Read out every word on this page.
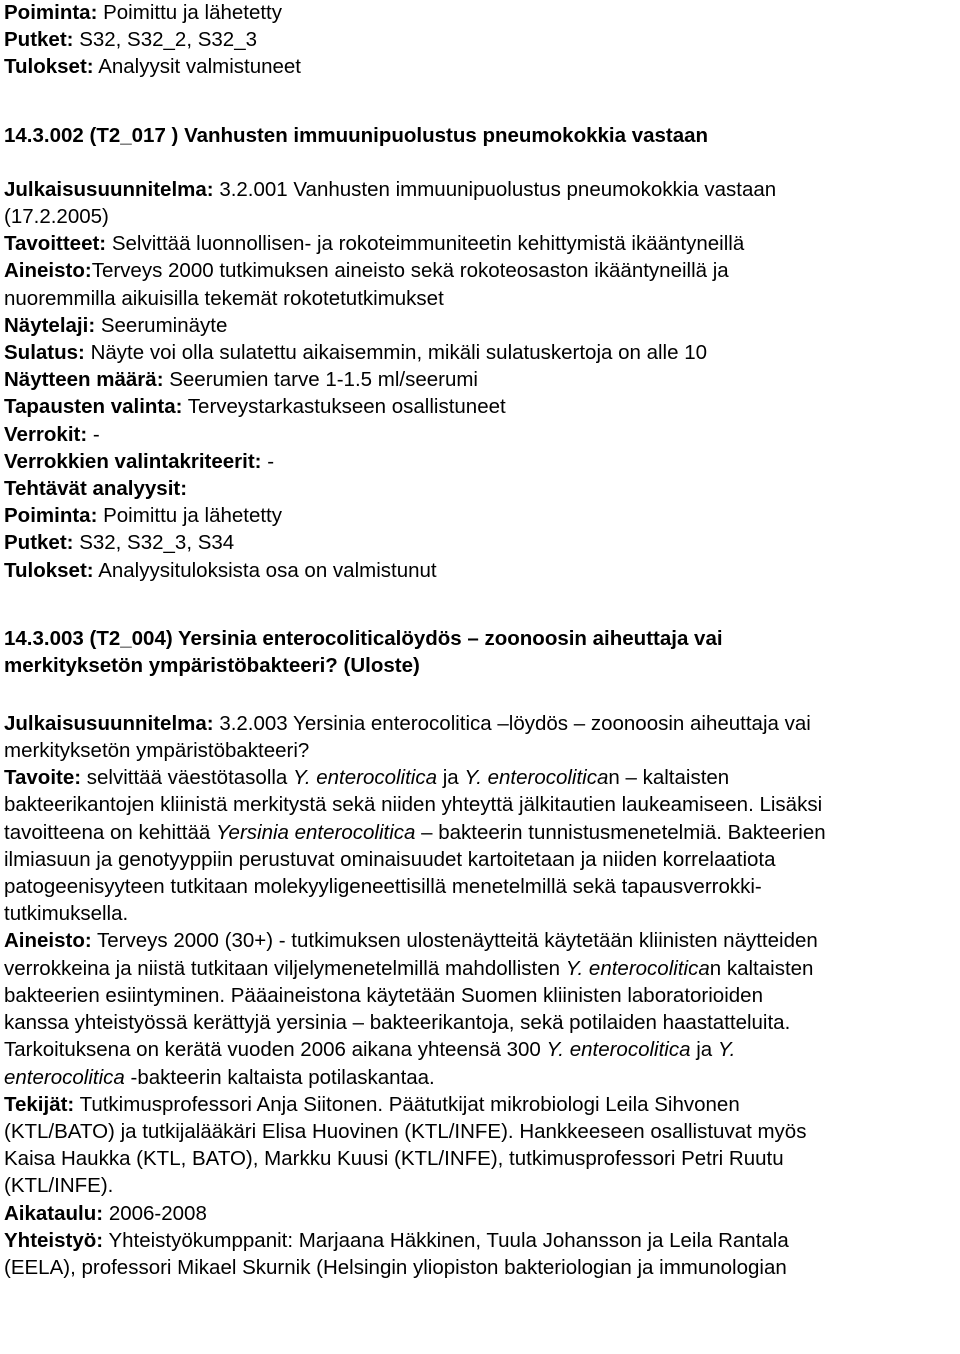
Poiminta: Poimittu ja lähetetty

Putket: S32, S32_2, S32_3

Tulokset: Analyysit valmistuneet

14.3.002 (T2_017 ) Vanhusten immuunipuolustus pneumokokkia vastaan

Julkaisusuunnitelma: 3.2.001 Vanhusten immuunipuolustus pneumokokkia vastaan

(17.2.2005)

Tavoitteet: Selvittää luonnollisen- ja rokoteimmuniteetin kehittymistä ikääntyneillä

Aineisto:Terveys 2000 tutkimuksen aineisto sekä rokoteosaston ikääntyneillä ja

nuoremmilla aikuisilla tekemät rokotetutkimukset

Näytelaji: Seeruminäyte

Sulatus: Näyte voi olla sulatettu aikaisemmin, mikäli sulatuskertoja on alle 10

Näytteen määrä: Seerumien tarve 1-1.5 ml/seerumi

Tapausten valinta: Terveystarkastukseen osallistuneet

Verrokit: -

Verrokkien valintakriteerit: -

Tehtävät analyysit:

Poiminta: Poimittu ja lähetetty

Putket: S32, S32_3, S34

Tulokset: Analyysituloksista osa on valmistunut

14.3.003 (T2_004) Yersinia enterocoliticalöydös – zoonoosin aiheuttaja vai

merkityksetön ympäristöbakteeri? (Uloste)

Julkaisusuunnitelma: 3.2.003 Yersinia enterocolitica –löydös – zoonoosin aiheuttaja vai

merkityksetön ympäristöbakteeri?

Tavoite: selvittää väestötasolla Y. enterocolitica ja Y. enterocolitican – kaltaisten

bakteerikantojen kliinistä merkitystä sekä niiden yhteyttä jälkitautien laukeamiseen. Lisäksi

tavoitteena on kehittää Yersinia enterocolitica – bakteerin tunnistusmenetelmiä. Bakteerien

ilmiasuun ja genotyyppiin perustuvat ominaisuudet kartoitetaan ja niiden korrelaatiota

patogeenisyyteen tutkitaan molekyyligeneettisillä menetelmillä sekä tapausverrokki-

tutkimuksella.

Aineisto: Terveys 2000 (30+) - tutkimuksen ulostenäytteitä käytetään kliinisten näytteiden

verrokkeina ja niistä tutkitaan viljelymenetelmillä mahdollisten Y. enterocolitican kaltaisten

bakteerien esiintyminen. Pääaineistona käytetään Suomen kliinisten laboratorioiden

kanssa yhteistyössä kerättyjä yersinia – bakteerikantoja, sekä potilaiden haastatteluita.

Tarkoituksena on kerätä vuoden 2006 aikana yhteensä 300 Y. enterocolitica ja Y.

enterocolitica -bakteerin kaltaista potilaskantaa.

Tekijät: Tutkimusprofessori Anja Siitonen. Päätutkijat mikrobiologi Leila Sihvonen

(KTL/BATO) ja tutkijalääkäri Elisa Huovinen (KTL/INFE). Hankkeeseen osallistuvat myös

Kaisa Haukka (KTL, BATO), Markku Kuusi (KTL/INFE), tutkimusprofessori Petri Ruutu

(KTL/INFE).

Aikataulu: 2006-2008

Yhteistyö: Yhteistyökumppanit: Marjaana Häkkinen, Tuula Johansson ja Leila Rantala

(EELA), professori Mikael Skurnik (Helsingin yliopiston bakteriologian ja immunologian
